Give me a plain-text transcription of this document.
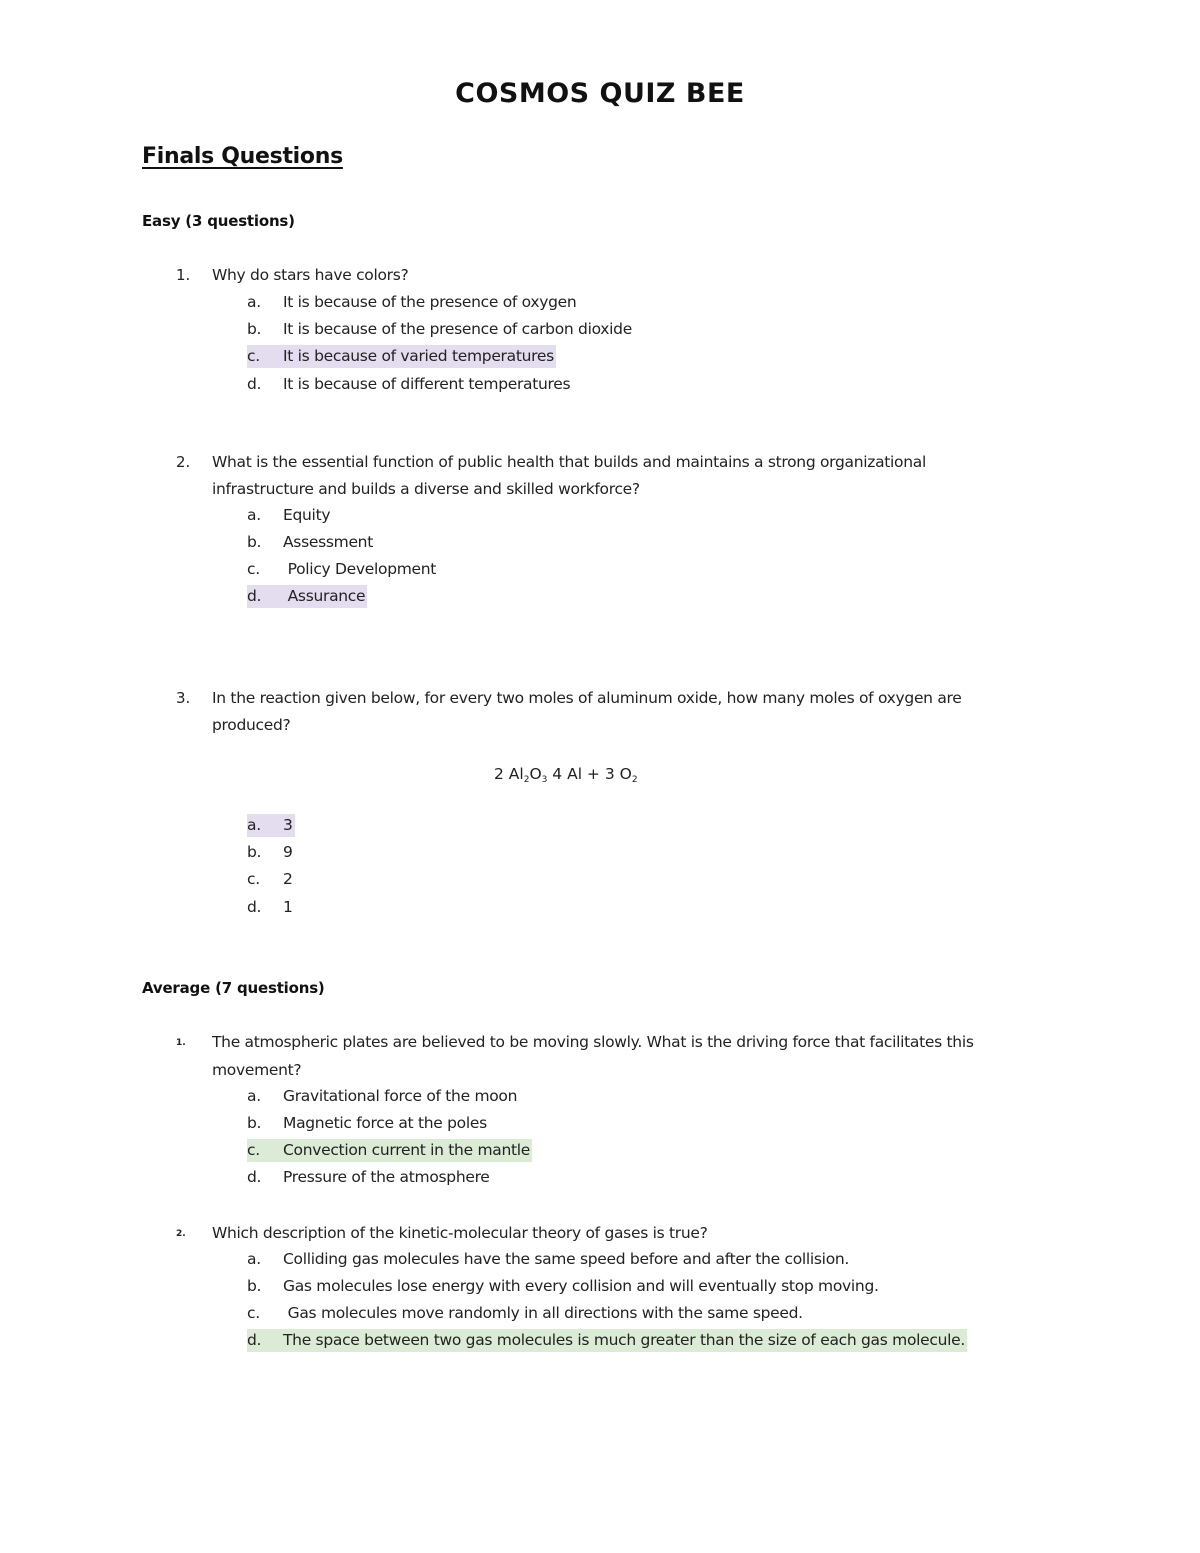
COSMOS QUIZ BEE
Finals Questions
Easy (3 questions)
1. Why do stars have colors?
a. It is because of the presence of oxygen
b. It is because of the presence of carbon dioxide
c. It is because of varied temperatures
d. It is because of different temperatures
2. What is the essential function of public health that builds and maintains a strong organizational
infrastructure and builds a diverse and skilled workforce?
a. Equity
b. Assessment
c. Policy Development
d. Assurance
3. In the reaction given below, for every two moles of aluminum oxide, how many moles of oxygen are
produced?
2 $Al_2O_3$ 4 Al + 3 $O_2$
a. 3
b. 9
c. 2
d. 1
Average (7 questions)
1. The atmospheric plates are believed to be moving slowly. What is the driving force that facilitates this
movement?
a. Gravitational force of the moon
b. Magnetic force at the poles
c. Convection current in the mantle
d. Pressure of the atmosphere
2. Which description of the kinetic-molecular theory of gases is true?
a. Colliding gas molecules have the same speed before and after the collision.
b. Gas molecules lose energy with every collision and will eventually stop moving.
c. Gas molecules move randomly in all directions with the same speed.
d. The space between two gas molecules is much greater than the size of each gas molecule.
